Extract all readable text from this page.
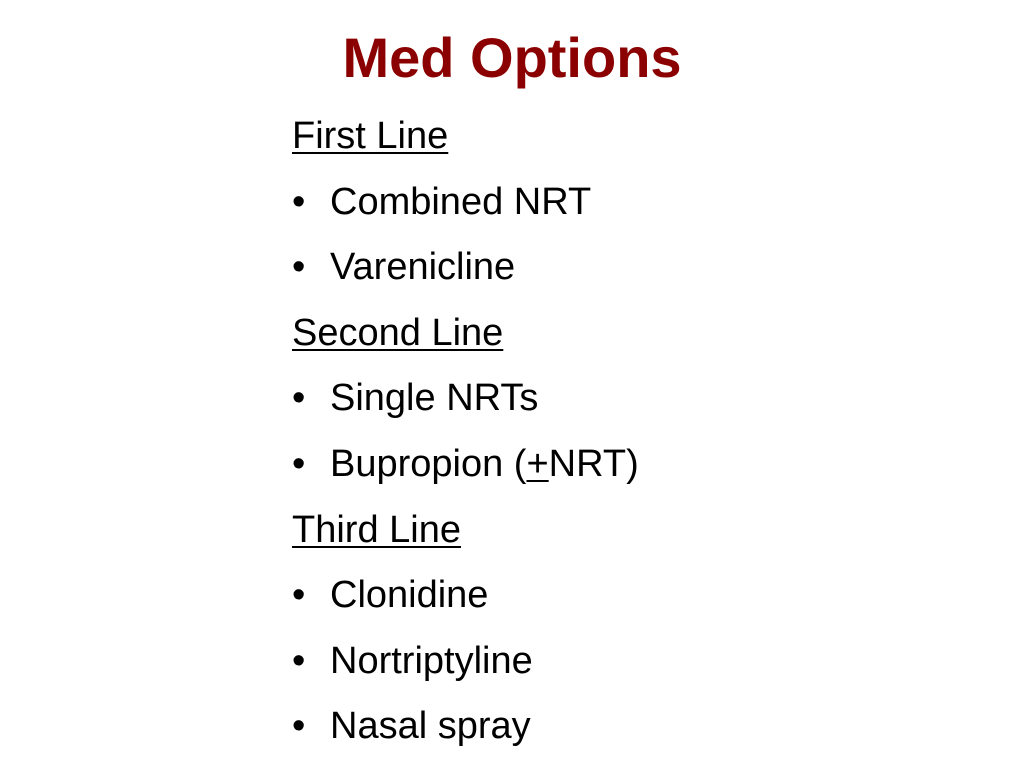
Med Options
First Line
• Combined NRT
• Varenicline
Second Line
• Single NRTs
• Bupropion (+NRT)
Third Line
• Clonidine
• Nortriptyline
• Nasal spray
